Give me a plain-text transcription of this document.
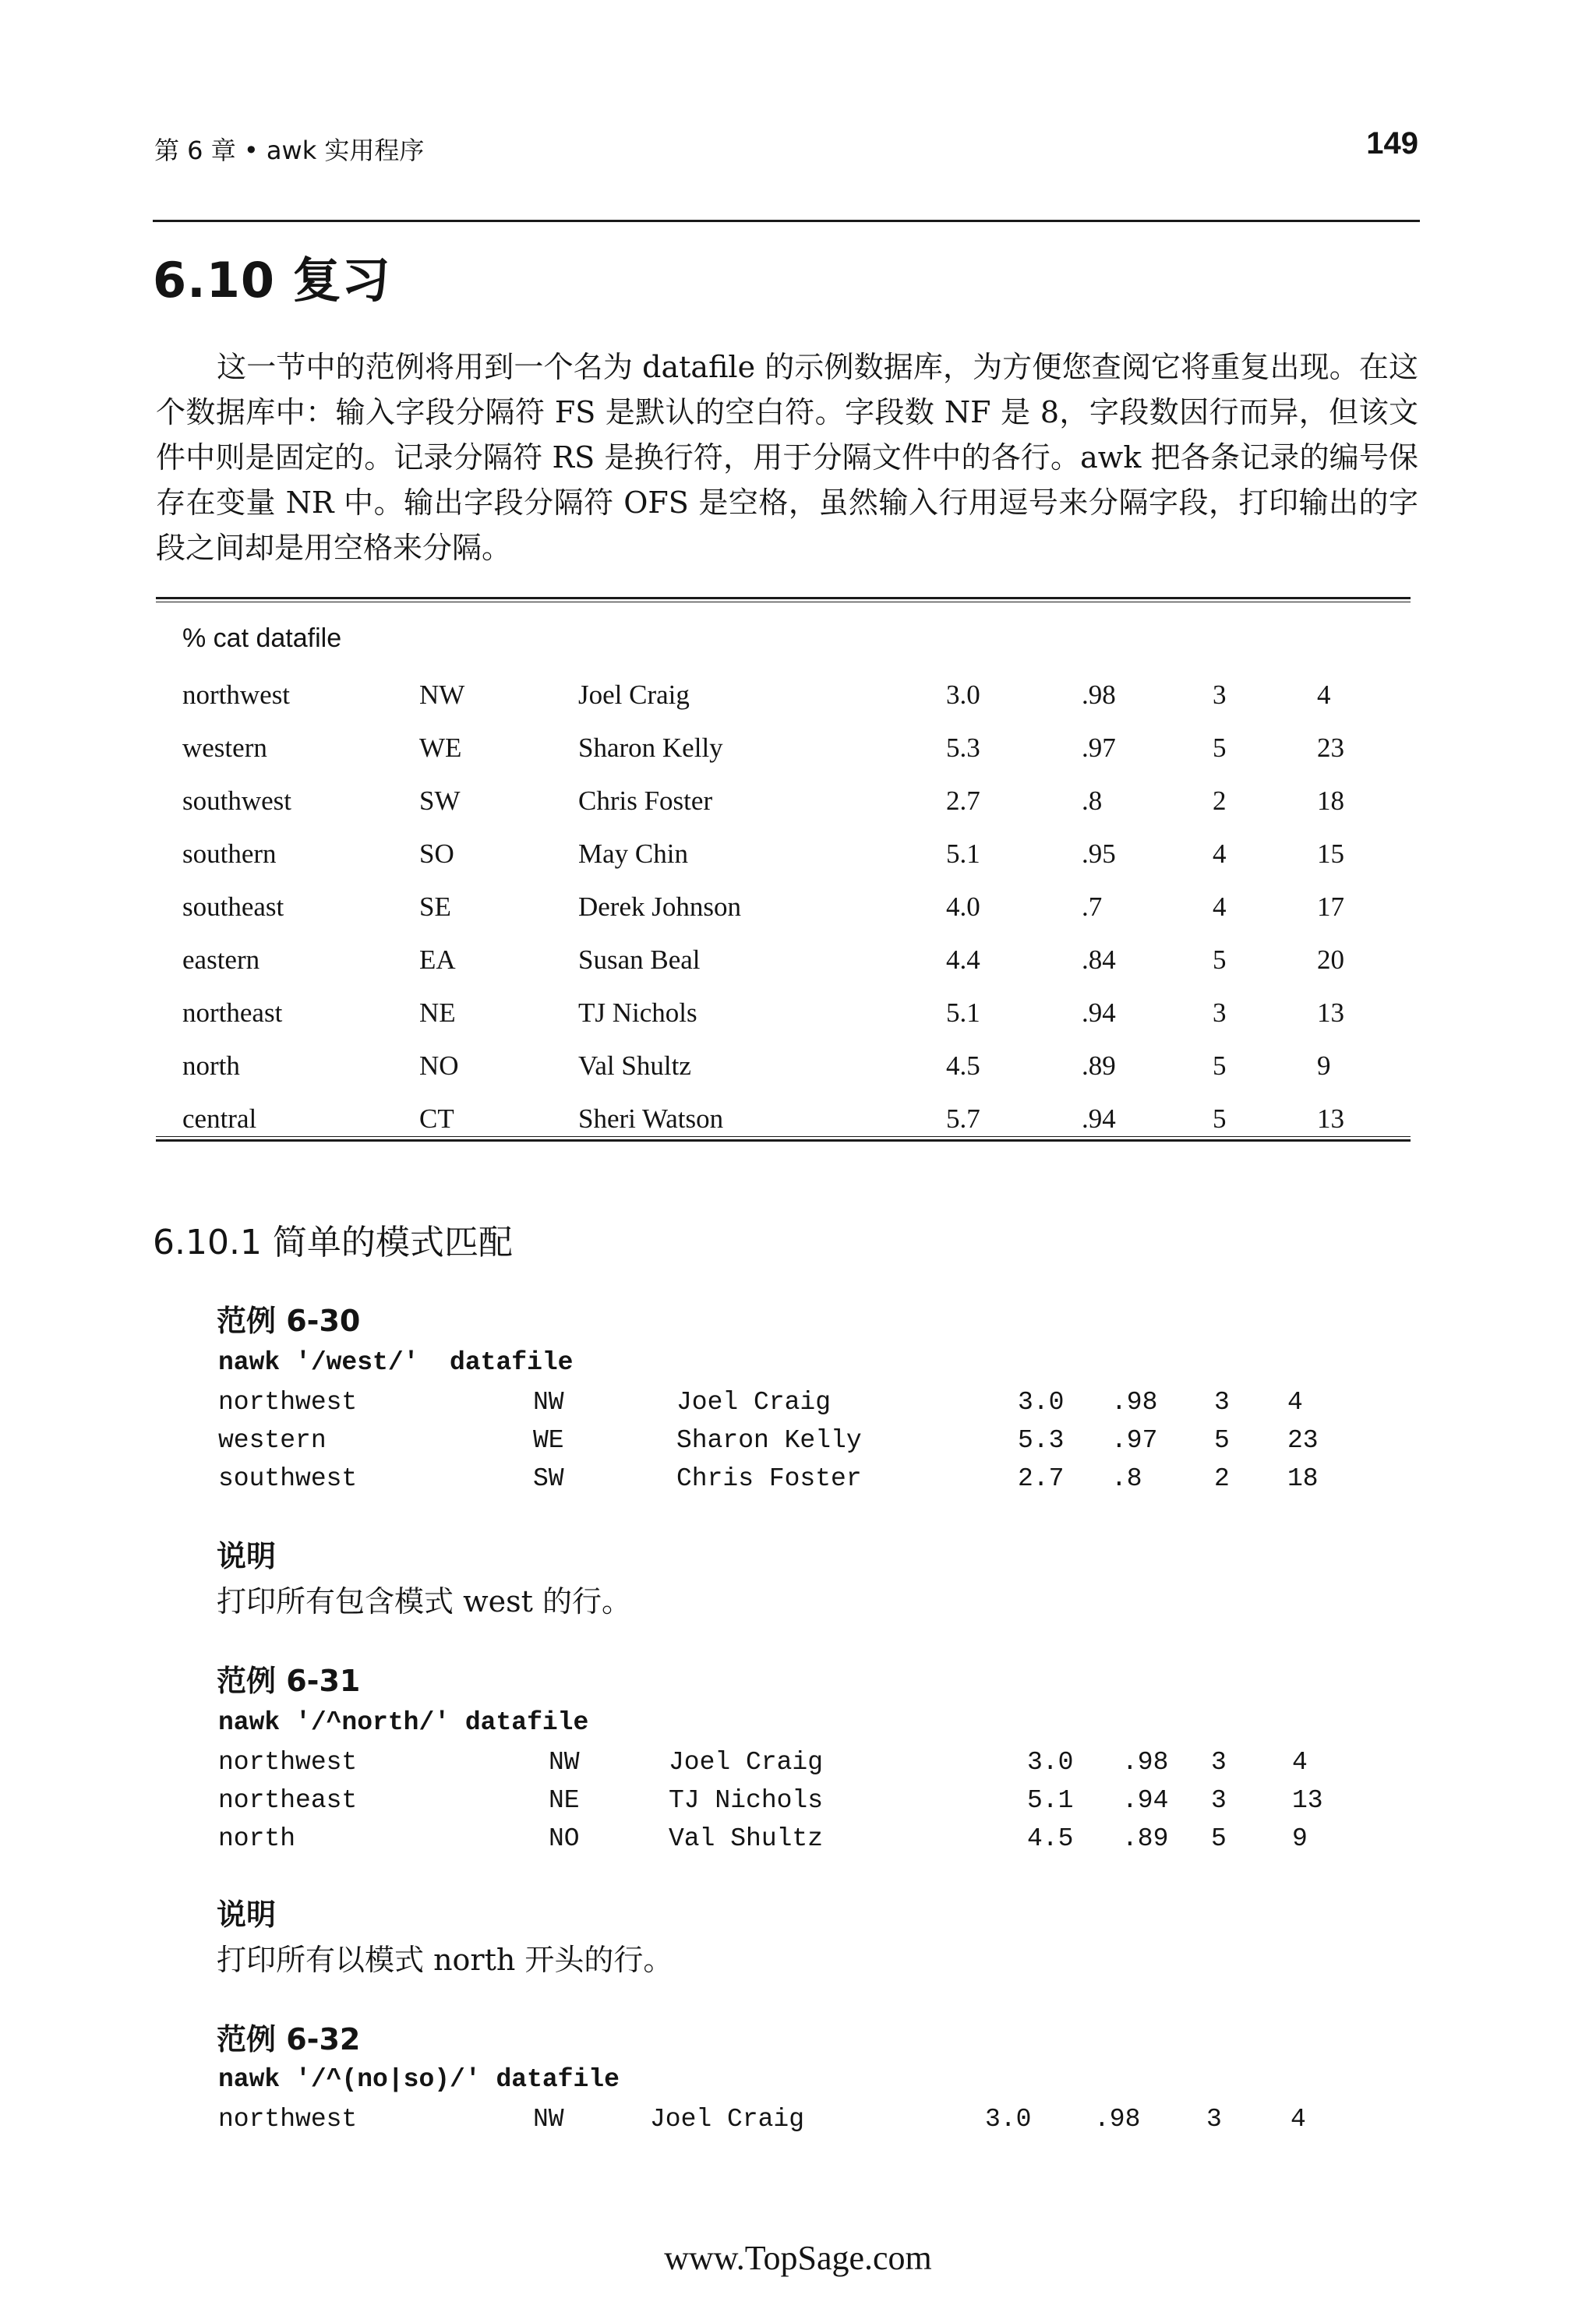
第 6 章 • awk 实用程序	149
6.10 复习
这一节中的范例将用到一个名为 datafile 的示例数据库，为方便您查阅它将重复出现。在这个数据库中：输入字段分隔符 FS 是默认的空白符。字段数 NF 是 8，字段数因行而异，但该文件中则是固定的。记录分隔符 RS 是换行符，用于分隔文件中的各行。awk 把各条记录的编号保存在变量 NR 中。输出字段分隔符 OFS 是空格，虽然输入行用逗号来分隔字段，打印输出的字段之间却是用空格来分隔。
% cat datafile
northwest	NW	Joel Craig	3.0	.98	3	4
western	WE	Sharon Kelly	5.3	.97	5	23
southwest	SW	Chris Foster	2.7	.8	2	18
southern	SO	May Chin	5.1	.95	4	15
southeast	SE	Derek Johnson	4.0	.7	4	17
eastern	EA	Susan Beal	4.4	.84	5	20
northeast	NE	TJ Nichols	5.1	.94	3	13
north	NO	Val Shultz	4.5	.89	5	9
central	CT	Sheri Watson	5.7	.94	5	13
6.10.1 简单的模式匹配
范例 6-30
nawk '/west/'  datafile
northwest	NW	Joel Craig	3.0	.98	3	4
western	WE	Sharon Kelly	5.3	.97	5	23
southwest	SW	Chris Foster	2.7	.8	2	18
说明
打印所有包含模式 west 的行。
范例 6-31
nawk '/^north/' datafile
northwest	NW	Joel Craig	3.0	.98	3	4
northeast	NE	TJ Nichols	5.1	.94	3	13
north	NO	Val Shultz	4.5	.89	5	9
说明
打印所有以模式 north 开头的行。
范例 6-32
nawk '/^(no|so)/' datafile
northwest	NW	Joel Craig	3.0	.98	3	4
www.TopSage.com
